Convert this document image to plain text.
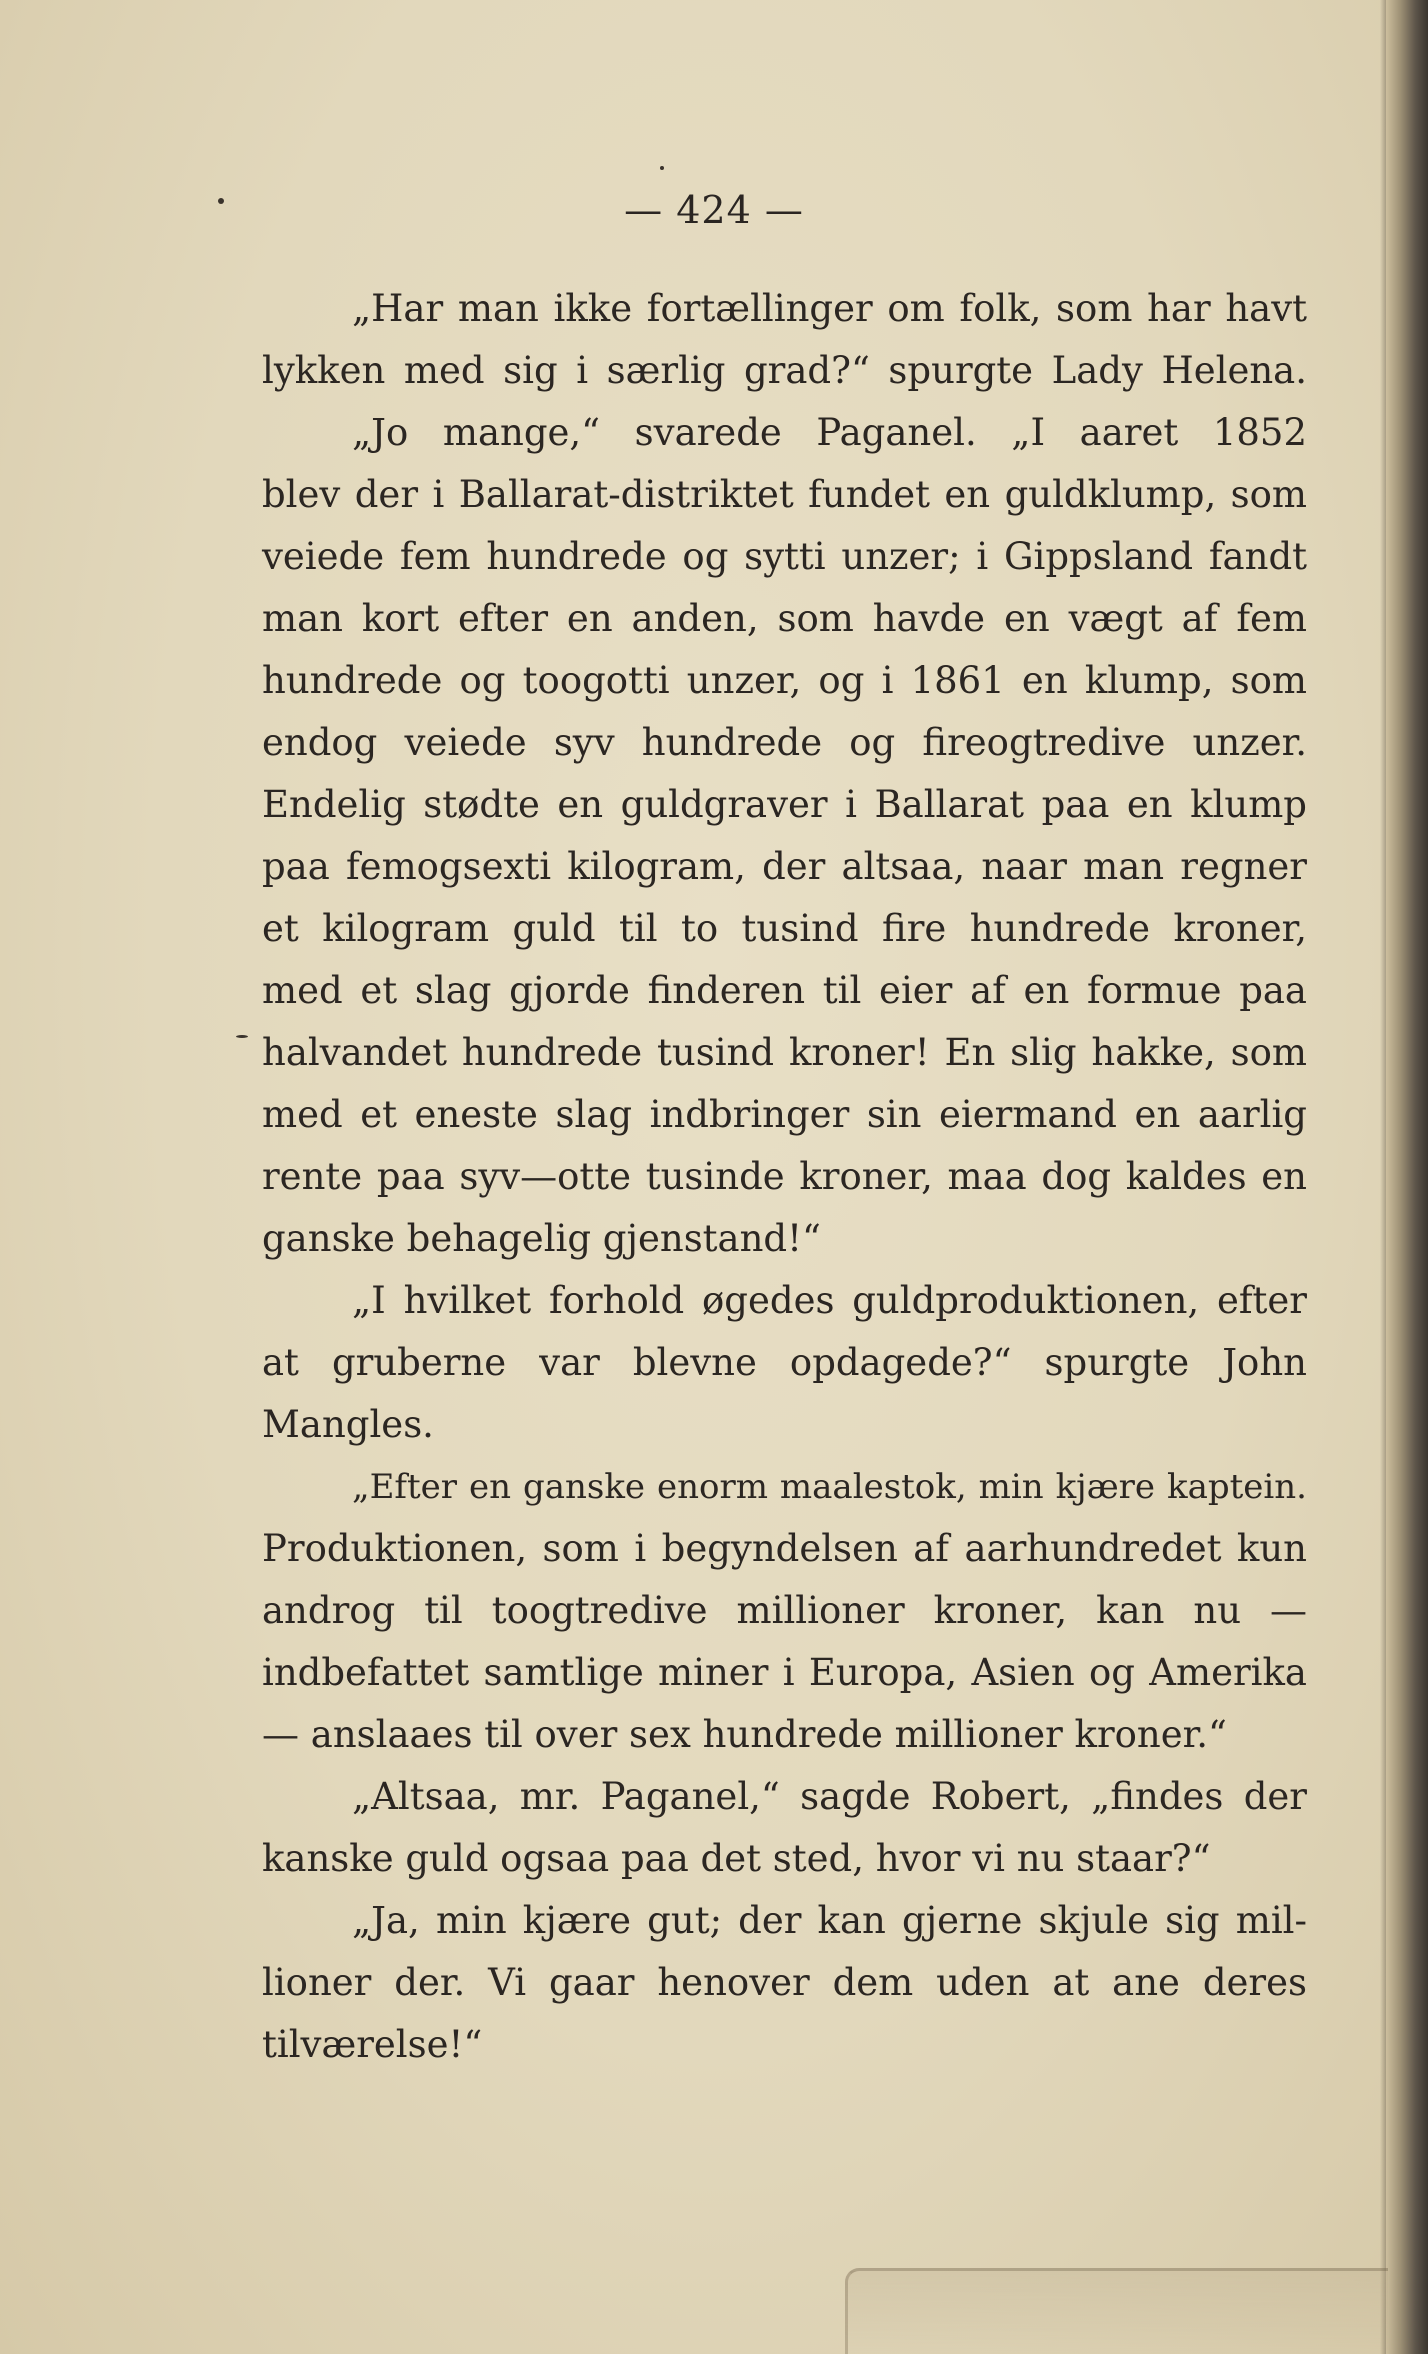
— 424 —
„Har man ikke fortællinger om folk, som har havt
lykken med sig i særlig grad?“ spurgte Lady Helena.
„Jo mange,“ svarede Paganel. „I aaret 1852
blev der i Ballarat-distriktet fundet en guldklump, som
veiede fem hundrede og sytti unzer; i Gippsland fandt
man kort efter en anden, som havde en vægt af fem
hundrede og toogotti unzer, og i 1861 en klump, som
endog veiede syv hundrede og fireogtredive unzer.
Endelig stødte en guldgraver i Ballarat paa en klump
paa femogsexti kilogram, der altsaa, naar man regner
et kilogram guld til to tusind fire hundrede kroner,
med et slag gjorde finderen til eier af en formue paa
halvandet hundrede tusind kroner! En slig hakke, som
med et eneste slag indbringer sin eiermand en aarlig
rente paa syv—otte tusinde kroner, maa dog kaldes en
ganske behagelig gjenstand!“
„I hvilket forhold øgedes guldproduktionen, efter
at gruberne var blevne opdagede?“ spurgte John
Mangles.
„Efter en ganske enorm maalestok, min kjære kaptein.
Produktionen, som i begyndelsen af aarhundredet kun
androg til toogtredive millioner kroner, kan nu —
indbefattet samtlige miner i Europa, Asien og Amerika
— anslaaes til over sex hundrede millioner kroner.“
„Altsaa, mr. Paganel,“ sagde Robert, „findes der
kanske guld ogsaa paa det sted, hvor vi nu staar?“
„Ja, min kjære gut; der kan gjerne skjule sig mil-
lioner der. Vi gaar henover dem uden at ane deres
tilværelse!“
